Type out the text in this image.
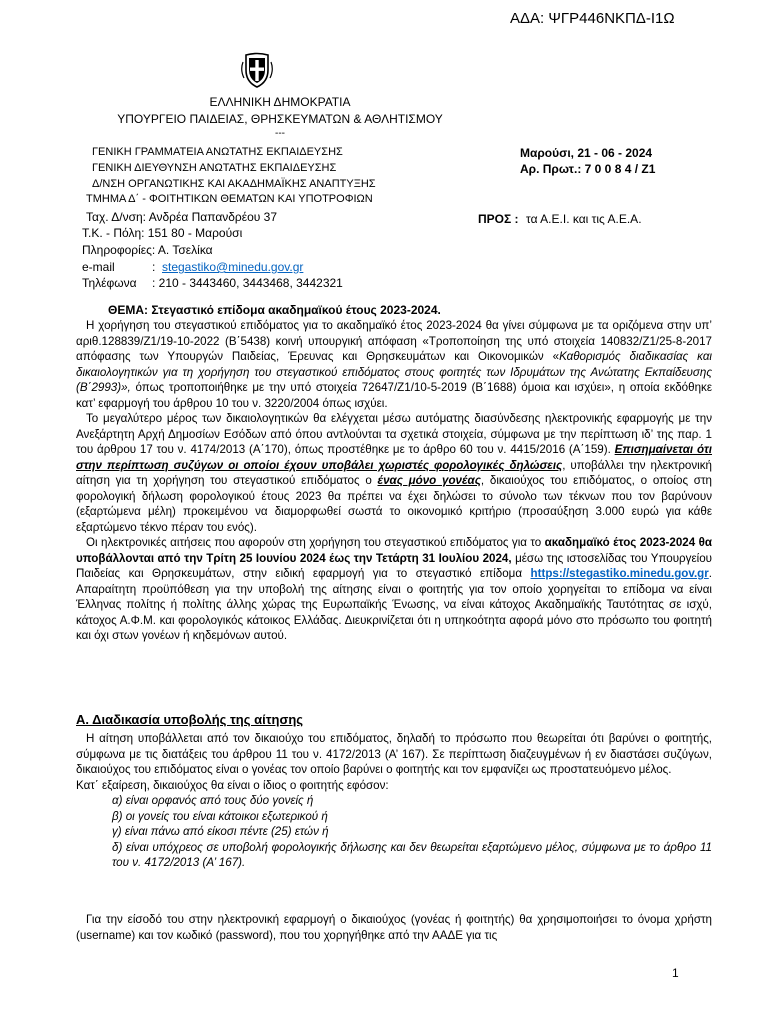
ΑΔΑ: ΨΓΡ446ΝΚΠΔ-Ι1Ω
ΕΛΛΗΝΙΚΗ ΔΗΜΟΚΡΑΤΙΑ
ΥΠΟΥΡΓΕΙΟ ΠΑΙΔΕΙΑΣ, ΘΡΗΣΚΕΥΜΑΤΩΝ & ΑΘΛΗΤΙΣΜΟΥ
---
ΓΕΝΙΚΗ ΓΡΑΜΜΑΤΕΙΑ ΑΝΩΤΑΤΗΣ ΕΚΠΑΙΔΕΥΣΗΣ
ΓΕΝΙΚΗ ΔΙΕΥΘΥΝΣΗ ΑΝΩΤΑΤΗΣ ΕΚΠΑΙΔΕΥΣΗΣ
Δ/ΝΣΗ ΟΡΓΑΝΩΤΙΚΗΣ ΚΑΙ ΑΚΑΔΗΜΑΪΚΗΣ ΑΝΑΠΤΥΞΗΣ
ΤΜΗΜΑ Δ΄ - ΦΟΙΤΗΤΙΚΩΝ ΘΕΜΑΤΩΝ ΚΑΙ ΥΠΟΤΡΟΦΙΩΝ
Μαρούσι, 21 - 06 - 2024
Αρ. Πρωτ.: 7 0 0 8 4 / Ζ1
Ταχ. Δ/νση: Ανδρέα Παπανδρέου 37
Τ.Κ. - Πόλη: 151 80 - Μαρούσι
Πληροφορίες: Α. Τσελίκα
e-mail	: stegastiko@minedu.gov.gr
Τηλέφωνα : 210 - 3443460, 3443468, 3442321
ΠΡΟΣ : τα Α.Ε.Ι. και τις Α.Ε.Α.
ΘΕΜΑ: Στεγαστικό επίδομα ακαδημαϊκού έτους 2023-2024.

Η χορήγηση του στεγαστικού επιδόματος για το ακαδημαϊκό έτος 2023-2024 θα γίνει σύμφωνα με τα οριζόμενα στην υπ’ αριθ.128839/Ζ1/19-10-2022 (Β΄5438) κοινή υπουργική απόφαση «Τροποποίηση της υπό στοιχεία 140832/Ζ1/25-8-2017 απόφασης των Υπουργών Παιδείας, Έρευνας και Θρησκευμάτων και Οικονομικών «Καθορισμός διαδικασίας και δικαιολογητικών για τη χορήγηση του στεγαστικού επιδόματος στους φοιτητές των Ιδρυμάτων της Ανώτατης Εκπαίδευσης (Β΄2993)», όπως τροποποιήθηκε με την υπό στοιχεία 72647/Ζ1/10-5-2019 (Β΄1688) όμοια και ισχύει», η οποία εκδόθηκε κατ’ εφαρμογή του άρθρου 10 του ν. 3220/2004 όπως ισχύει.

Το μεγαλύτερο μέρος των δικαιολογητικών θα ελέγχεται μέσω αυτόματης διασύνδεσης ηλεκτρονικής εφαρμογής με την Ανεξάρτητη Αρχή Δημοσίων Εσόδων από όπου αντλούνται τα σχετικά στοιχεία, σύμφωνα με την περίπτωση ιδ’ της παρ. 1 του άρθρου 17 του ν. 4174/2013 (Α΄170), όπως προστέθηκε με το άρθρο 60 του ν. 4415/2016 (Α΄159). Επισημαίνεται ότι στην περίπτωση συζύγων οι οποίοι έχουν υποβάλει χωριστές φορολογικές δηλώσεις, υποβάλλει την ηλεκτρονική αίτηση για τη χορήγηση του στεγαστικού επιδόματος ο ένας μόνο γονέας, δικαιούχος του επιδόματος, ο οποίος στη φορολογική δήλωση φορολογικού έτους 2023 θα πρέπει να έχει δηλώσει το σύνολο των τέκνων που τον βαρύνουν (εξαρτώμενα μέλη) προκειμένου να διαμορφωθεί σωστά το οικονομικό κριτήριο (προσαύξηση 3.000 ευρώ για κάθε εξαρτώμενο τέκνο πέραν του ενός).

Οι ηλεκτρονικές αιτήσεις που αφορούν στη χορήγηση του στεγαστικού επιδόματος για το ακαδημαϊκό έτος 2023-2024 θα υποβάλλονται από την Τρίτη 25 Ιουνίου 2024 έως την Τετάρτη 31 Ιουλίου 2024, μέσω της ιστοσελίδας του Υπουργείου Παιδείας και Θρησκευμάτων, στην ειδική εφαρμογή για το στεγαστικό επίδομα https://stegastiko.minedu.gov.gr. Απαραίτητη προϋπόθεση για την υποβολή της αίτησης είναι ο φοιτητής για τον οποίο χορηγείται το επίδομα να είναι Έλληνας πολίτης ή πολίτης άλλης χώρας της Ευρωπαϊκής Ένωσης, να είναι κάτοχος Ακαδημαϊκής Ταυτότητας σε ισχύ, κάτοχος Α.Φ.Μ. και φορολογικός κάτοικος Ελλάδας. Διευκρινίζεται ότι η υπηκοότητα αφορά μόνο στο πρόσωπο του φοιτητή και όχι στων γονέων ή κηδεμόνων αυτού.

Α. Διαδικασία υποβολής της αίτησης

Η αίτηση υποβάλλεται από τον δικαιούχο του επιδόματος, δηλαδή το πρόσωπο που θεωρείται ότι βαρύνει ο φοιτητής, σύμφωνα με τις διατάξεις του άρθρου 11 του ν. 4172/2013 (Α’ 167). Σε περίπτωση διαζευγμένων ή εν διαστάσει συζύγων, δικαιούχος του επιδόματος είναι ο γονέας τον οποίο βαρύνει ο φοιτητής και τον εμφανίζει ως προστατευόμενο μέλος.

Κατ΄ εξαίρεση, δικαιούχος θα είναι ο ίδιος ο φοιτητής εφόσον:

α) είναι ορφανός από τους δύο γονείς ή
β) οι γονείς του είναι κάτοικοι εξωτερικού ή
γ) είναι πάνω από είκοσι πέντε (25) ετών ή
δ) είναι υπόχρεος σε υποβολή φορολογικής δήλωσης και δεν θεωρείται εξαρτώμενο μέλος, σύμφωνα με το άρθρο 11 του ν. 4172/2013 (Α’ 167).

Για την είσοδό του στην ηλεκτρονική εφαρμογή ο δικαιούχος (γονέας ή φοιτητής) θα χρησιμοποιήσει το όνομα χρήστη (username) και τον κωδικό (password), που του χορηγήθηκε από την ΑΑΔΕ για τις

1
